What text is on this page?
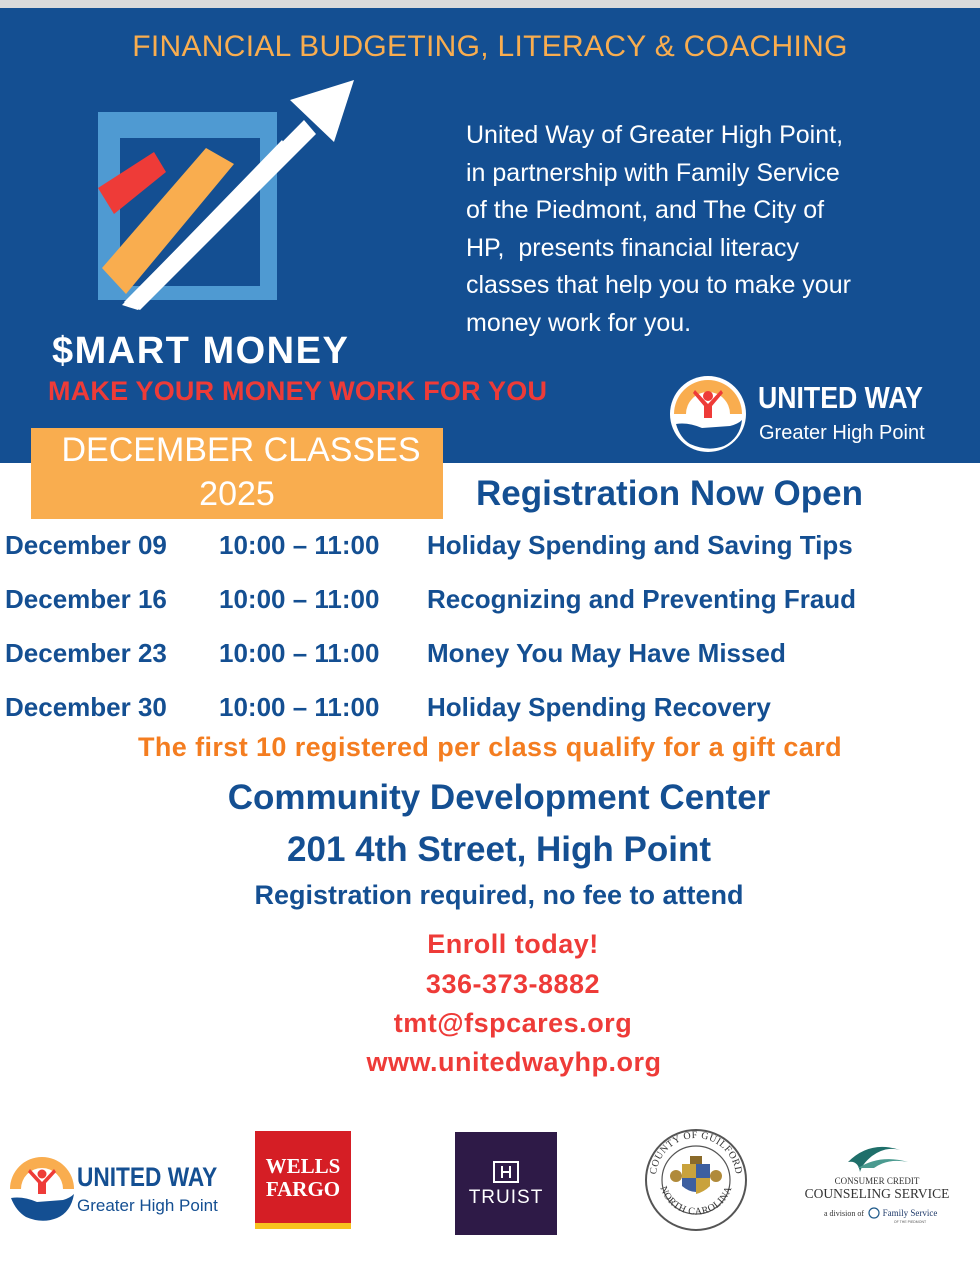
FINANCIAL BUDGETING, LITERACY & COACHING
United Way of Greater High Point,
in partnership with Family Service
of the Piedmont, and The City of
HP,  presents financial literacy
classes that help you to make your
money work for you.
$MART MONEY
MAKE YOUR MONEY WORK FOR YOU	UNITED WAY
Greater High Point
DECEMBER CLASSES
2025	Registration Now Open
December 09 10:00 – 11:00 Holiday Spending and Saving Tips
December 16 10:00 – 11:00 Recognizing and Preventing Fraud
December 23 10:00 – 11:00 Money You May Have Missed
December 30 10:00 – 11:00 Holiday Spending Recovery
The first 10 registered per class qualify for a gift card
Community Development Center
201 4th Street, High Point
Registration required, no fee to attend
Enroll today!
336-373-8882
tmt@fspcares.org
www.unitedwayhp.org
UNITED WAY
Greater High Point
WELLS
FARGO	TRUIST
COUNTY OF GUILFORD
NORTH CAROLINA
CONSUMER CREDIT
COUNSELING SERVICE
a division of Family Service
OF THE PIEDMONT
